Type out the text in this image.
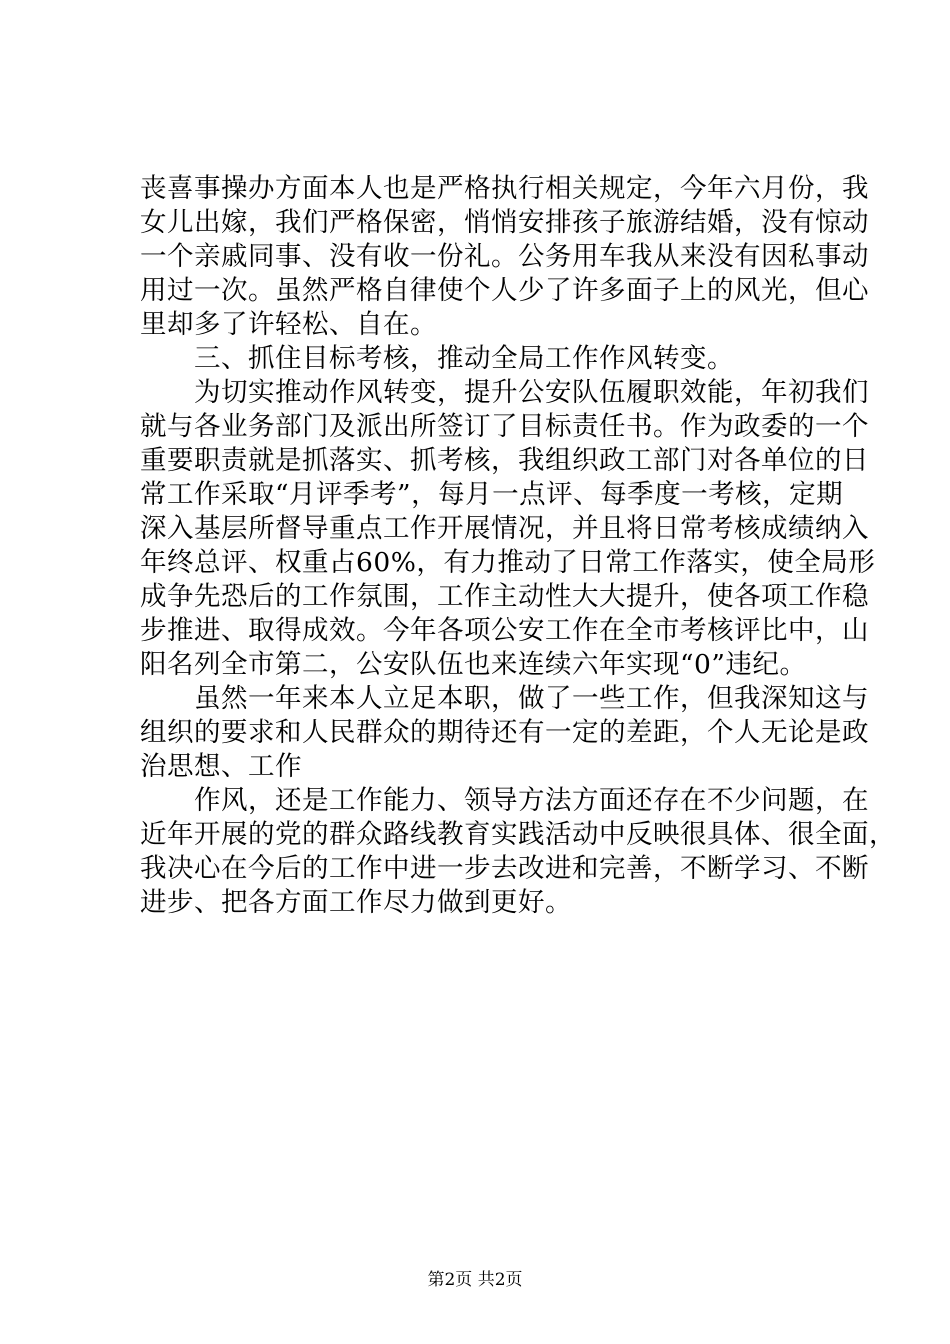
丧喜事操办方面本人也是严格执行相关规定，今年六月份，我
女儿出嫁，我们严格保密，悄悄安排孩子旅游结婚，没有惊动
一个亲戚同事、没有收一份礼。公务用车我从来没有因私事动
用过一次。虽然严格自律使个人少了许多面子上的风光，但心
里却多了许轻松、自在。
三、抓住目标考核，推动全局工作作风转变。
为切实推动作风转变，提升公安队伍履职效能，年初我们
就与各业务部门及派出所签订了目标责任书。作为政委的一个
重要职责就是抓落实、抓考核，我组织政工部门对各单位的日
常工作采取“月评季考”，每月一点评、每季度一考核，定期
深入基层所督导重点工作开展情况，并且将日常考核成绩纳入
年终总评、权重占60%，有力推动了日常工作落实，使全局形
成争先恐后的工作氛围，工作主动性大大提升，使各项工作稳
步推进、取得成效。今年各项公安工作在全市考核评比中，山
阳名列全市第二，公安队伍也来连续六年实现“0”违纪。
虽然一年来本人立足本职，做了一些工作，但我深知这与
组织的要求和人民群众的期待还有一定的差距，个人无论是政
治思想、工作
作风，还是工作能力、领导方法方面还存在不少问题，在
近年开展的党的群众路线教育实践活动中反映很具体、很全面，
我决心在今后的工作中进一步去改进和完善，不断学习、不断
进步、把各方面工作尽力做到更好。
第2页 共2页
